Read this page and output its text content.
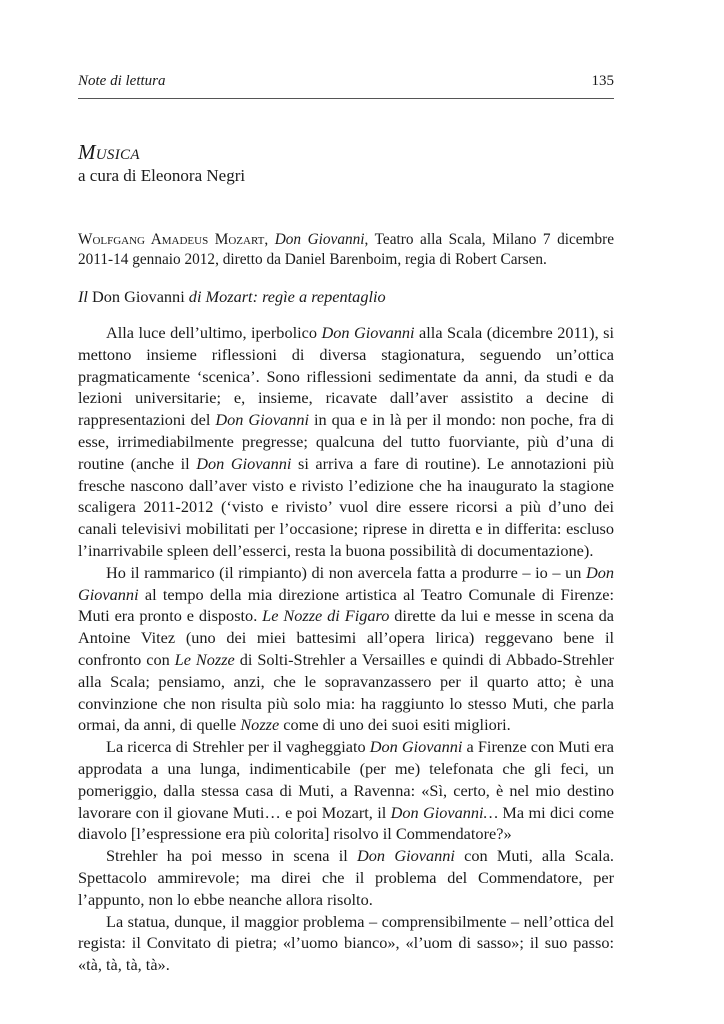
Note di lettura	135
Musica
a cura di Eleonora Negri
Wolfgang Amadeus Mozart, Don Giovanni, Teatro alla Scala, Milano 7 dicembre 2011-14 gennaio 2012, diretto da Daniel Barenboim, regia di Robert Carsen.
Il Don Giovanni di Mozart: regìe a repentaglio

Alla luce dell’ultimo, iperbolico Don Giovanni alla Scala (dicembre 2011), si mettono insieme riflessioni di diversa stagionatura, seguendo un’ottica pragmaticamente ‘scenica’. Sono riflessioni sedimentate da anni, da studi e da lezioni universitarie; e, insieme, ricavate dall’aver assistito a decine di rappresentazioni del Don Giovanni in qua e in là per il mondo: non poche, fra di esse, irrimediabilmente pregresse; qualcuna del tutto fuorviante, più d’una di routine (anche il Don Giovanni si arriva a fare di routine). Le annotazioni più fresche nascono dall’aver visto e rivisto l’edizione che ha inaugurato la stagione scaligera 2011-2012 (‘visto e rivisto’ vuol dire essere ricorsi a più d’uno dei canali televisivi mobilitati per l’occasione; riprese in diretta e in differita: escluso l’inarrivabile spleen dell’esserci, resta la buona possibilità di documentazione).

Ho il rammarico (il rimpianto) di non avercela fatta a produrre – io – un Don Giovanni al tempo della mia direzione artistica al Teatro Comunale di Firenze: Muti era pronto e disposto. Le Nozze di Figaro dirette da lui e messe in scena da Antoine Vitez (uno dei miei battesimi all’opera lirica) reggevano bene il confronto con Le Nozze di Solti-Strehler a Versailles e quindi di Abbado-Strehler alla Scala; pensiamo, anzi, che le sopravanzassero per il quarto atto; è una convinzione che non risulta più solo mia: ha raggiunto lo stesso Muti, che parla ormai, da anni, di quelle Nozze come di uno dei suoi esiti migliori.

La ricerca di Strehler per il vagheggiato Don Giovanni a Firenze con Muti era approdata a una lunga, indimenticabile (per me) telefonata che gli feci, un pomeriggio, dalla stessa casa di Muti, a Ravenna: «Sì, certo, è nel mio destino lavorare con il giovane Muti… e poi Mozart, il Don Giovanni… Ma mi dici come diavolo [l’espressione era più colorita] risolvo il Commendatore?»

Strehler ha poi messo in scena il Don Giovanni con Muti, alla Scala. Spettacolo ammirevole; ma direi che il problema del Commendatore, per l’appunto, non lo ebbe neanche allora risolto.

La statua, dunque, il maggior problema – comprensibilmente – nell’ottica del regista: il Convitato di pietra; «l’uomo bianco», «l’uom di sasso»; il suo passo: «tà, tà, tà, tà».
